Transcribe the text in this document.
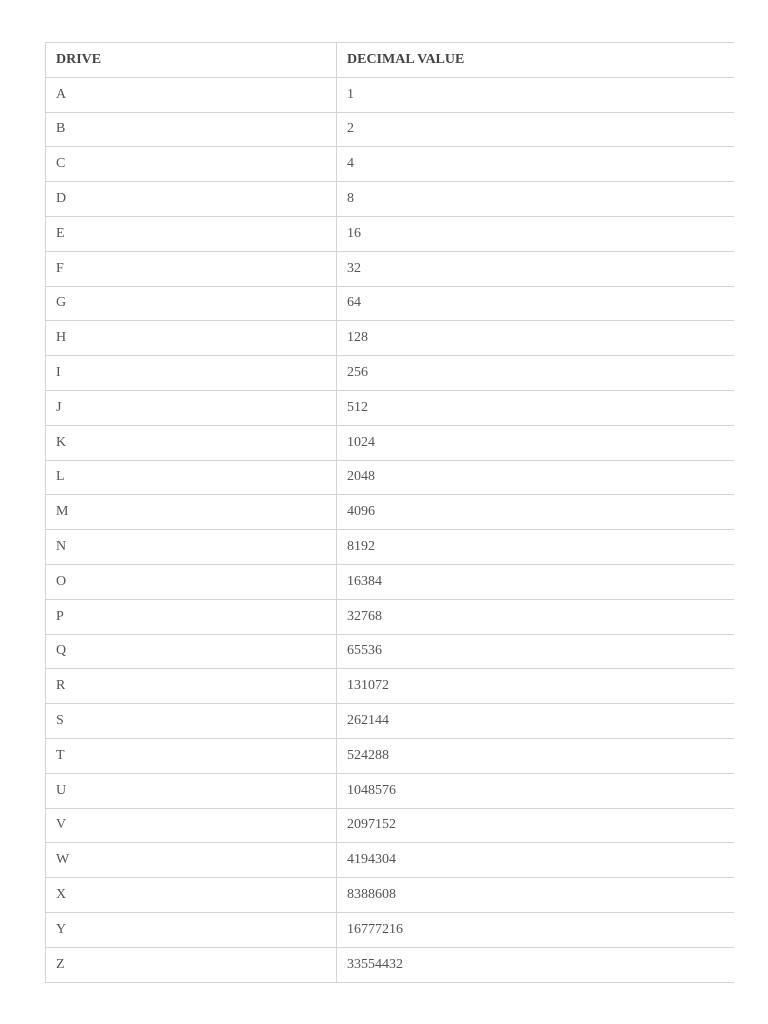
DRIVE	DECIMAL VALUE
A	1
B	2
C	4
D	8
E	16
F	32
G	64
H	128
I	256
J	512
K	1024
L	2048
M	4096
N	8192
O	16384
P	32768
Q	65536
R	131072
S	262144
T	524288
U	1048576
V	2097152
W	4194304
X	8388608
Y	16777216
Z	33554432
